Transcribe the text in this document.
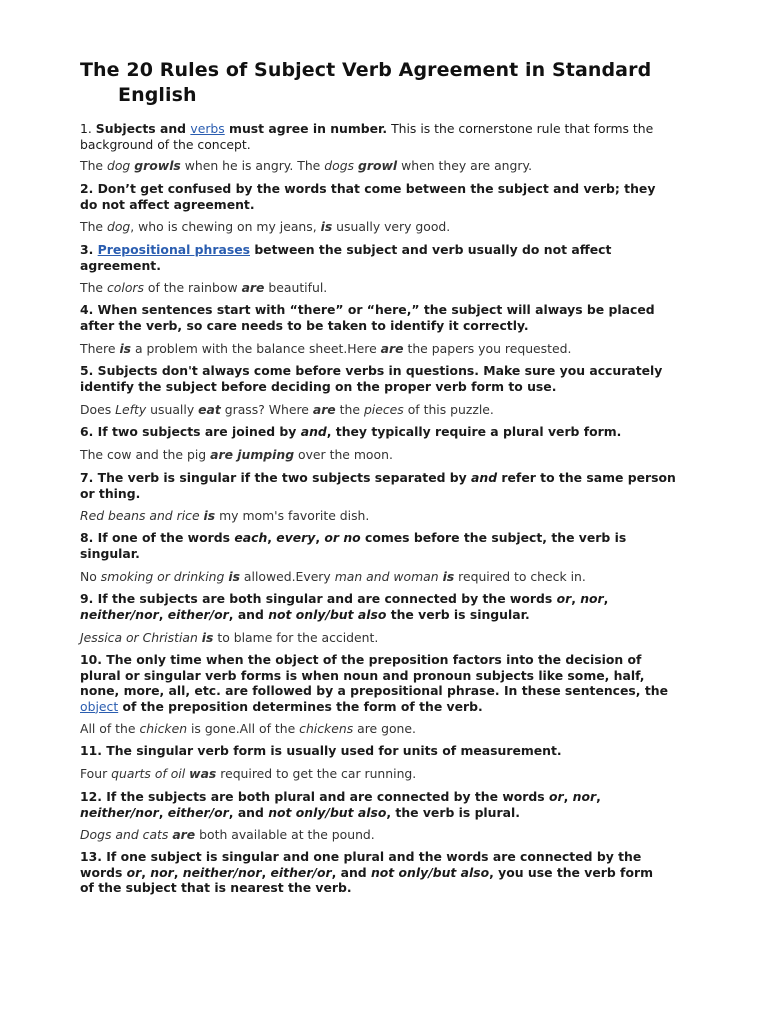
The 20 Rules of Subject Verb Agreement in Standard
English
1. Subjects and verbs must agree in number. This is the cornerstone rule that forms the
background of the concept.
The dog growls when he is angry. The dogs growl when they are angry.
2. Don’t get confused by the words that come between the subject and verb; they
do not affect agreement.
The dog, who is chewing on my jeans, is usually very good.
3. Prepositional phrases between the subject and verb usually do not affect
agreement.
The colors of the rainbow are beautiful.
4. When sentences start with “there” or “here,” the subject will always be placed
after the verb, so care needs to be taken to identify it correctly.
There is a problem with the balance sheet.Here are the papers you requested.
5. Subjects don't always come before verbs in questions. Make sure you accurately
identify the subject before deciding on the proper verb form to use.
Does Lefty usually eat grass? Where are the pieces of this puzzle.
6. If two subjects are joined by and, they typically require a plural verb form.
The cow and the pig are jumping over the moon.
7. The verb is singular if the two subjects separated by and refer to the same person
or thing.
Red beans and rice is my mom's favorite dish.
8. If one of the words each, every, or no comes before the subject, the verb is
singular.
No smoking or drinking is allowed.Every man and woman is required to check in.
9. If the subjects are both singular and are connected by the words or, nor,
neither/nor, either/or, and not only/but also the verb is singular.
Jessica or Christian is to blame for the accident.
10. The only time when the object of the preposition factors into the decision of
plural or singular verb forms is when noun and pronoun subjects like some, half,
none, more, all, etc. are followed by a prepositional phrase. In these sentences, the
object of the preposition determines the form of the verb.
All of the chicken is gone.All of the chickens are gone.
11. The singular verb form is usually used for units of measurement.
Four quarts of oil was required to get the car running.
12. If the subjects are both plural and are connected by the words or, nor,
neither/nor, either/or, and not only/but also, the verb is plural.
Dogs and cats are both available at the pound.
13. If one subject is singular and one plural and the words are connected by the
words or, nor, neither/nor, either/or, and not only/but also, you use the verb form
of the subject that is nearest the verb.
